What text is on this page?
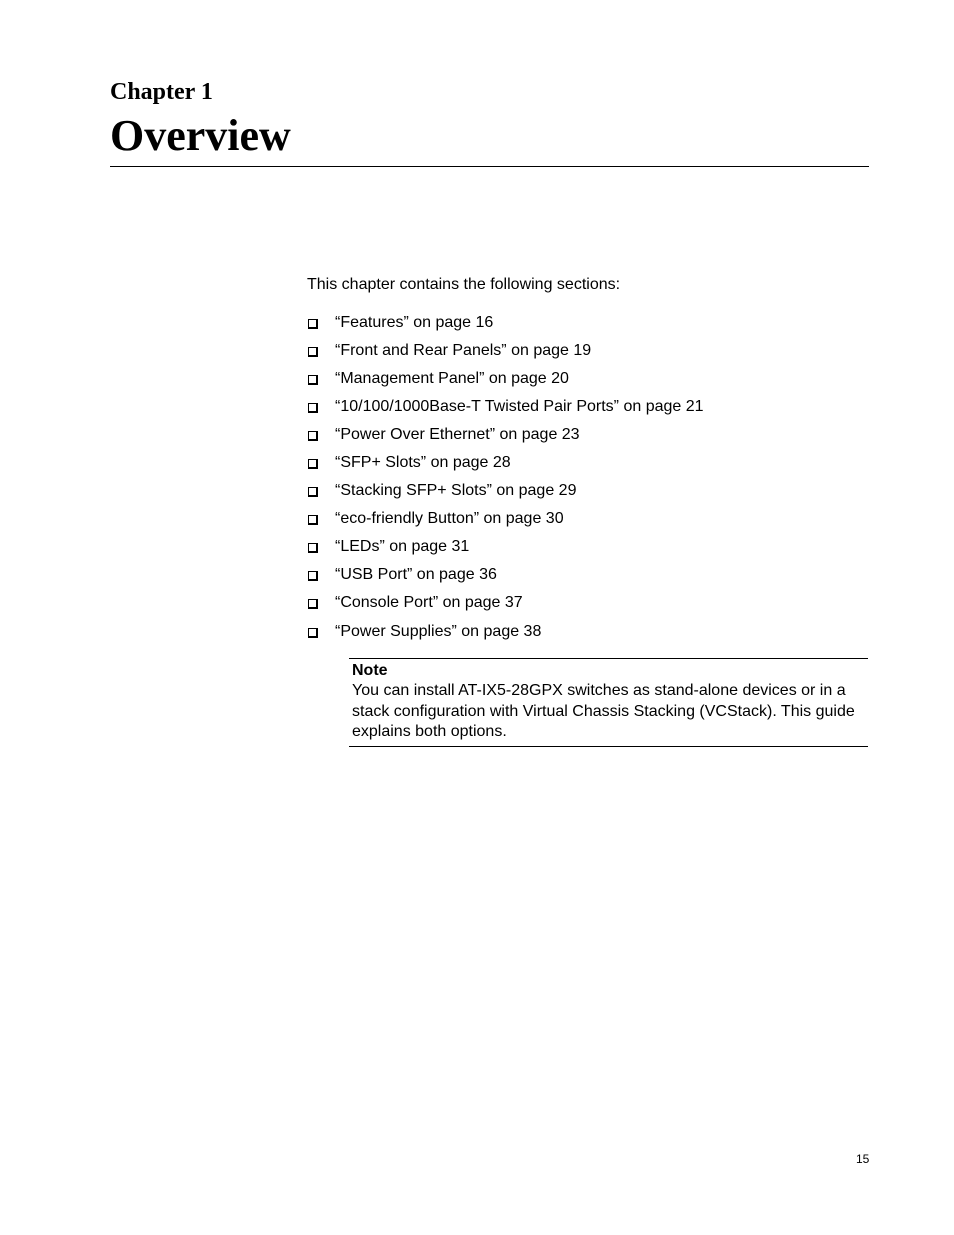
Chapter 1
Overview

This chapter contains the following sections:

“Features” on page 16
“Front and Rear Panels” on page 19
“Management Panel” on page 20
“10/100/1000Base-T Twisted Pair Ports” on page 21
“Power Over Ethernet” on page 23
“SFP+ Slots” on page 28
“Stacking SFP+ Slots” on page 29
“eco-friendly Button” on page 30
“LEDs” on page 31
“USB Port” on page 36
“Console Port” on page 37
“Power Supplies” on page 38

Note

You can install AT-IX5-28GPX switches as stand-alone devices or in a stack configuration with Virtual Chassis Stacking (VCStack). This guide explains both options.

15
